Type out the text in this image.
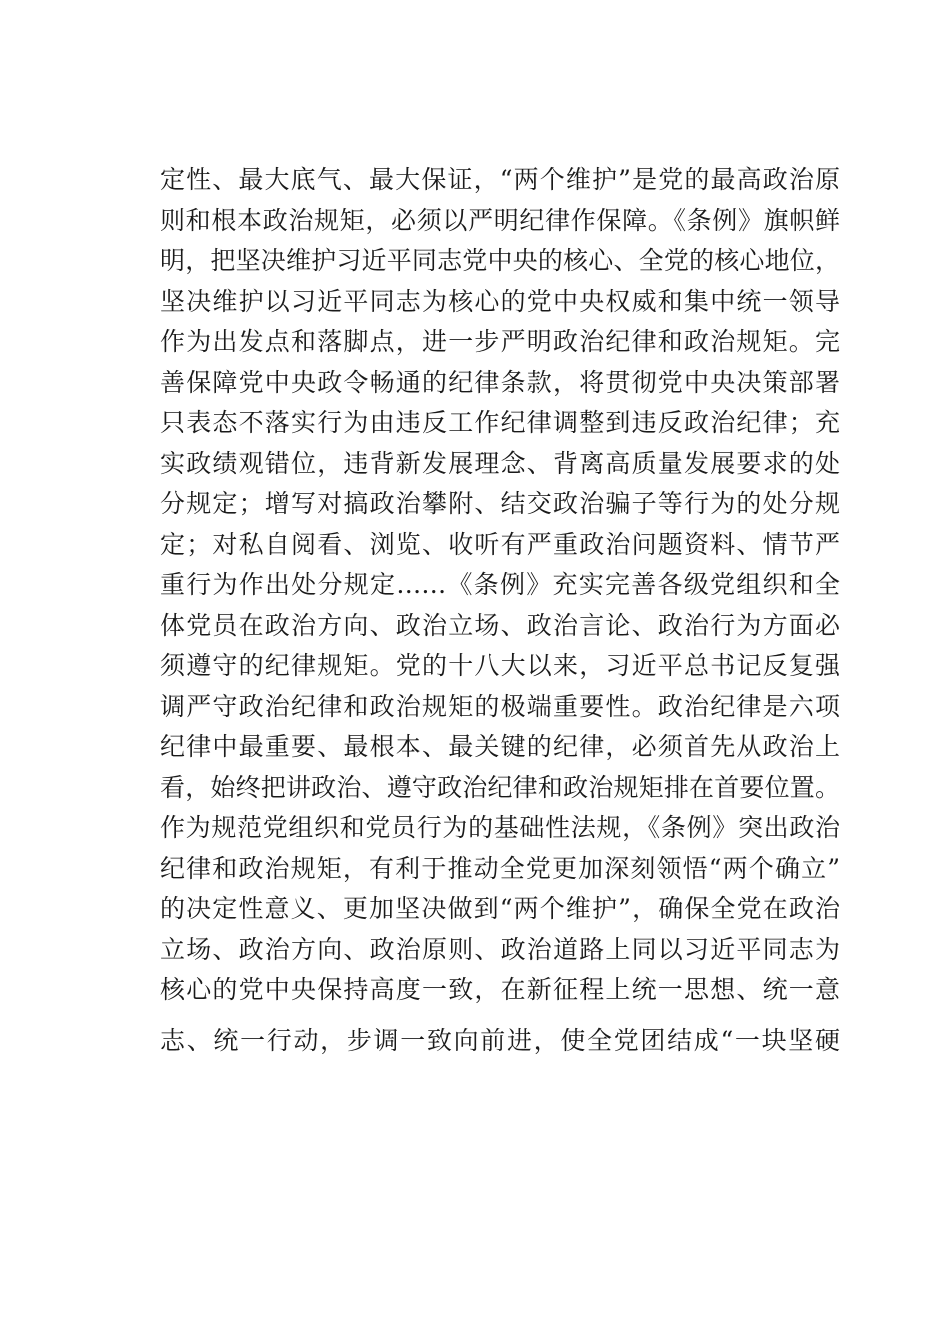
定性、最大底气、最大保证，“两个维护”是党的最高政治原
则和根本政治规矩，必须以严明纪律作保障。《条例》旗帜鲜
明，把坚决维护习近平同志党中央的核心、全党的核心地位，
坚决维护以习近平同志为核心的党中央权威和集中统一领导
作为出发点和落脚点，进一步严明政治纪律和政治规矩。完
善保障党中央政令畅通的纪律条款，将贯彻党中央决策部署
只表态不落实行为由违反工作纪律调整到违反政治纪律；充
实政绩观错位，违背新发展理念、背离高质量发展要求的处
分规定；增写对搞政治攀附、结交政治骗子等行为的处分规
定；对私自阅看、浏览、收听有严重政治问题资料、情节严
重行为作出处分规定……《条例》充实完善各级党组织和全
体党员在政治方向、政治立场、政治言论、政治行为方面必
须遵守的纪律规矩。党的十八大以来，习近平总书记反复强
调严守政治纪律和政治规矩的极端重要性。政治纪律是六项
纪律中最重要、最根本、最关键的纪律，必须首先从政治上
看，始终把讲政治、遵守政治纪律和政治规矩排在首要位置。
作为规范党组织和党员行为的基础性法规，《条例》突出政治
纪律和政治规矩，有利于推动全党更加深刻领悟“两个确立”
的决定性意义、更加坚决做到“两个维护”，确保全党在政治
立场、政治方向、政治原则、政治道路上同以习近平同志为
核心的党中央保持高度一致，在新征程上统一思想、统一意
志、统一行动，步调一致向前进，使全党团结成“一块坚硬
